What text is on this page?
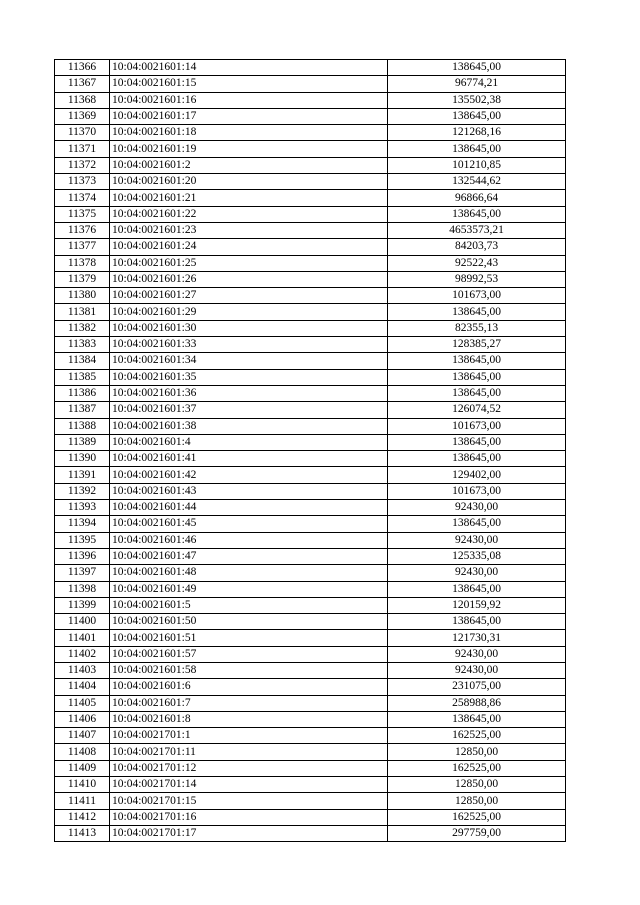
11366	10:04:0021601:14	138645,00
11367	10:04:0021601:15	96774,21
11368	10:04:0021601:16	135502,38
11369	10:04:0021601:17	138645,00
11370	10:04:0021601:18	121268,16
11371	10:04:0021601:19	138645,00
11372	10:04:0021601:2	101210,85
11373	10:04:0021601:20	132544,62
11374	10:04:0021601:21	96866,64
11375	10:04:0021601:22	138645,00
11376	10:04:0021601:23	4653573,21
11377	10:04:0021601:24	84203,73
11378	10:04:0021601:25	92522,43
11379	10:04:0021601:26	98992,53
11380	10:04:0021601:27	101673,00
11381	10:04:0021601:29	138645,00
11382	10:04:0021601:30	82355,13
11383	10:04:0021601:33	128385,27
11384	10:04:0021601:34	138645,00
11385	10:04:0021601:35	138645,00
11386	10:04:0021601:36	138645,00
11387	10:04:0021601:37	126074,52
11388	10:04:0021601:38	101673,00
11389	10:04:0021601:4	138645,00
11390	10:04:0021601:41	138645,00
11391	10:04:0021601:42	129402,00
11392	10:04:0021601:43	101673,00
11393	10:04:0021601:44	92430,00
11394	10:04:0021601:45	138645,00
11395	10:04:0021601:46	92430,00
11396	10:04:0021601:47	125335,08
11397	10:04:0021601:48	92430,00
11398	10:04:0021601:49	138645,00
11399	10:04:0021601:5	120159,92
11400	10:04:0021601:50	138645,00
11401	10:04:0021601:51	121730,31
11402	10:04:0021601:57	92430,00
11403	10:04:0021601:58	92430,00
11404	10:04:0021601:6	231075,00
11405	10:04:0021601:7	258988,86
11406	10:04:0021601:8	138645,00
11407	10:04:0021701:1	162525,00
11408	10:04:0021701:11	12850,00
11409	10:04:0021701:12	162525,00
11410	10:04:0021701:14	12850,00
11411	10:04:0021701:15	12850,00
11412	10:04:0021701:16	162525,00
11413	10:04:0021701:17	297759,00
